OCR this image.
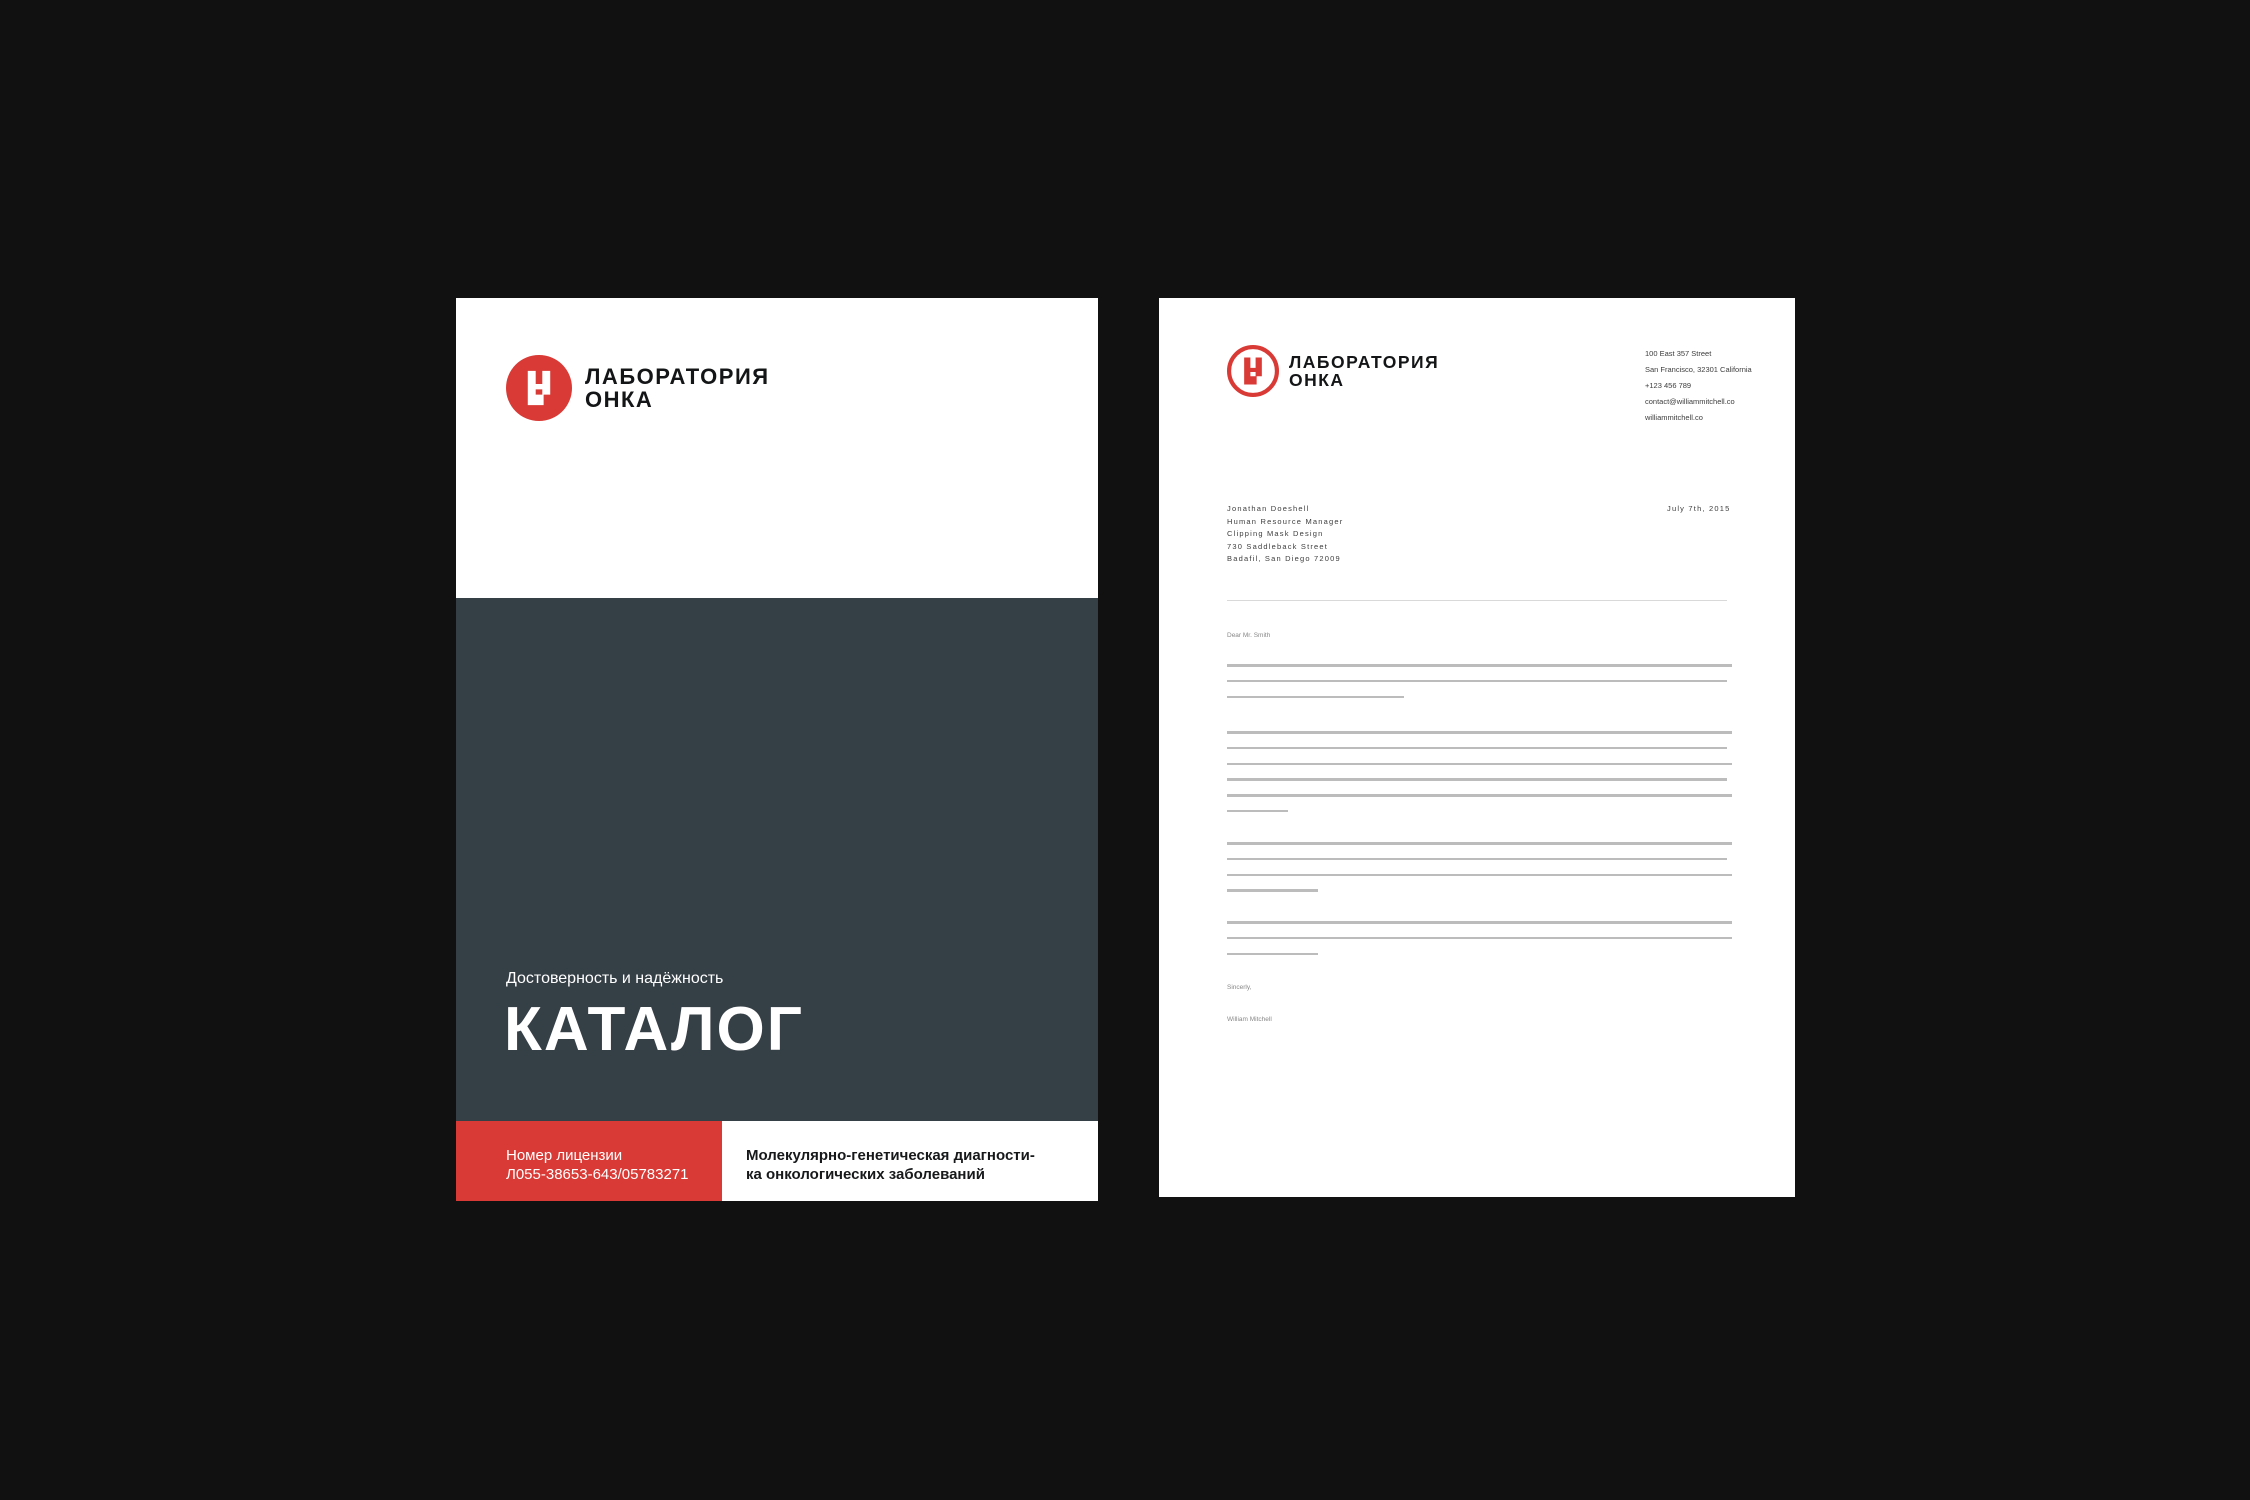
ЛАБОРАТОРИЯ
ОНКА
Достоверность и надёжность
КАТАЛОГ
Номер лицензии
Л055-38653-643/05783271
Молекулярно-генетическая диагности-
ка онкологических заболеваний
ЛАБОРАТОРИЯ
ОНКА
100 East 357 Street
San Francisco, 32301 California
+123 456 789
contact@williammitchell.co
williammitchell.co
Jonathan Doeshell
Human Resource Manager
Clipping Mask Design
730 Saddleback Street
Badafil, San Diego 72009
July 7th, 2015
Dear Mr. Smith
Sincerly,
William Mitchell
